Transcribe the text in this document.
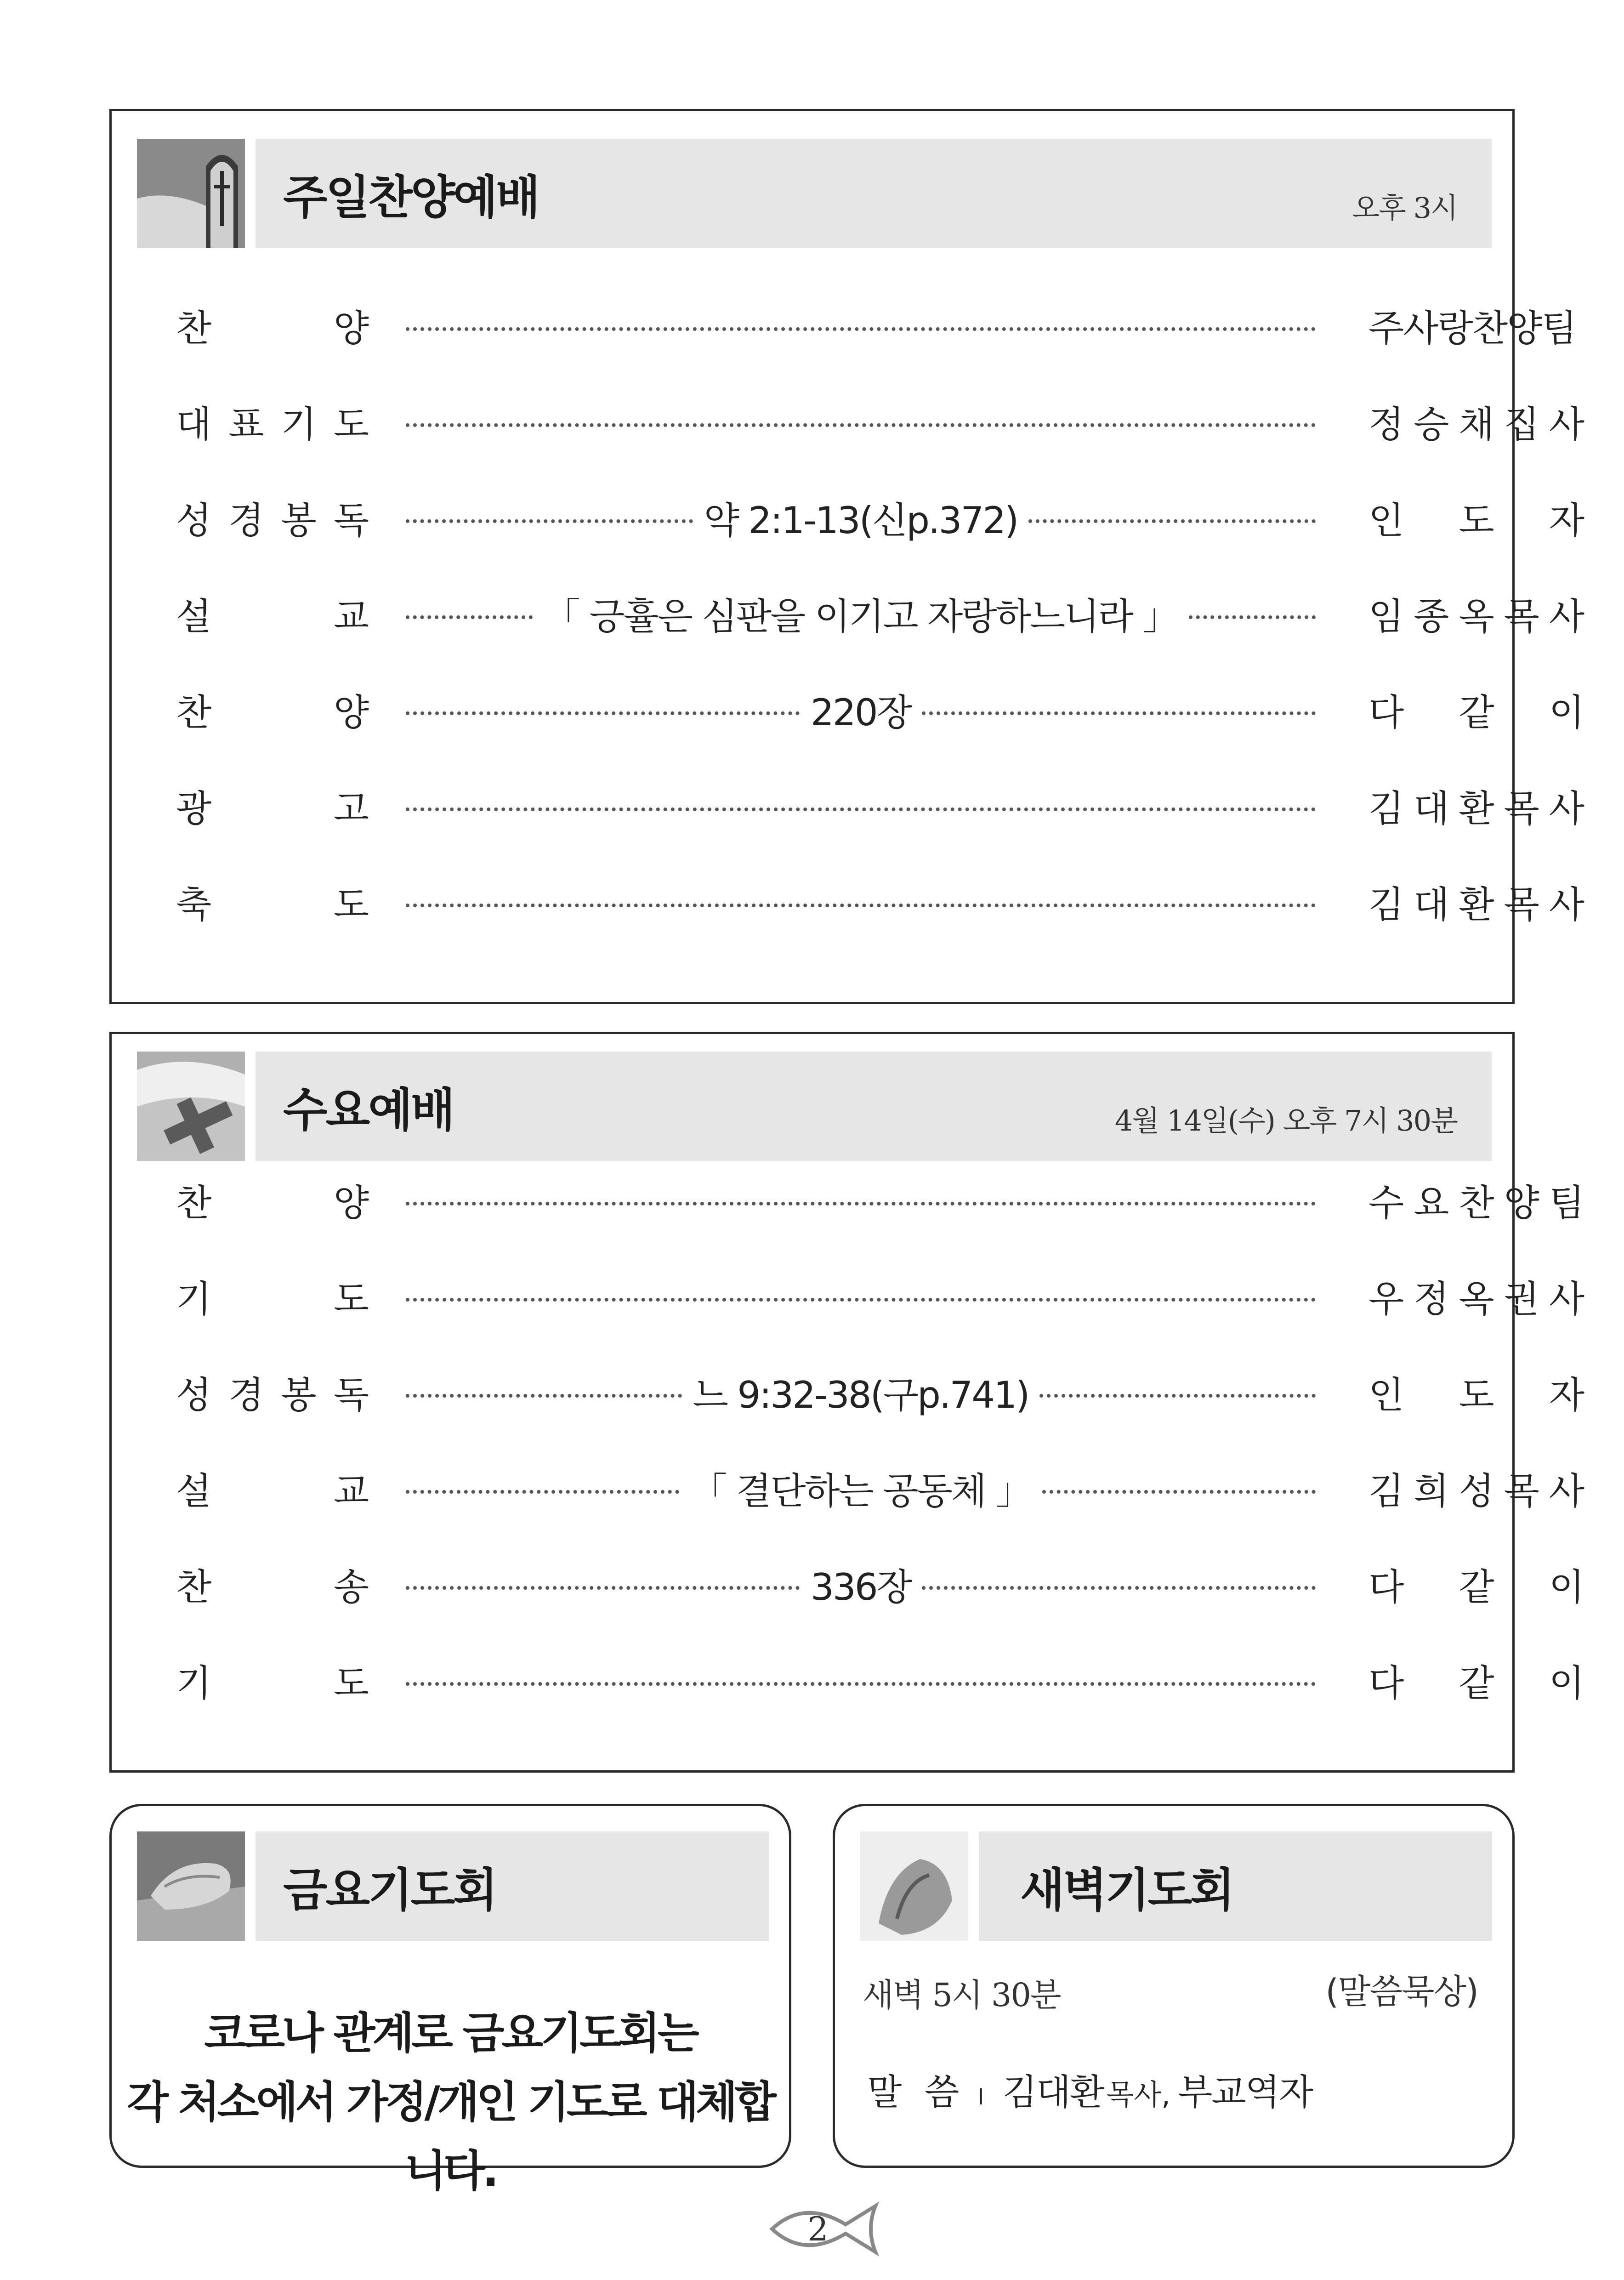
주일찬양예배	오후 3시
찬	양	주사랑찬양팀
대 표 기 도	정 승 채 집 사
성 경 봉 독	약 2:1-13(신p.372)	인 도 자
설	교	「 긍휼은 심판을 이기고 자랑하느니라 」	임 종 옥 목 사
찬	양	220장	다 같 이
광	고	김 대 환 목 사
축	도	김 대 환 목 사
수요예배	4월 14일(수) 오후 7시 30분
찬	양	수 요 찬 양 팀
기	도	우 정 옥 권 사
성 경 봉 독	느 9:32-38(구p.741)	인 도 자
설	교	「 결단하는 공동체 」	김 희 성 목 사
찬	송	336장	다 같 이
기	도	다 같 이
금요기도회
코로나 관계로 금요기도회는
각 처소에서 가정/개인 기도로 대체합니다.
새벽기도회
새벽 5시 30분	(말씀묵상)
말  씀 I 김대환 목사, 부교역자
2
